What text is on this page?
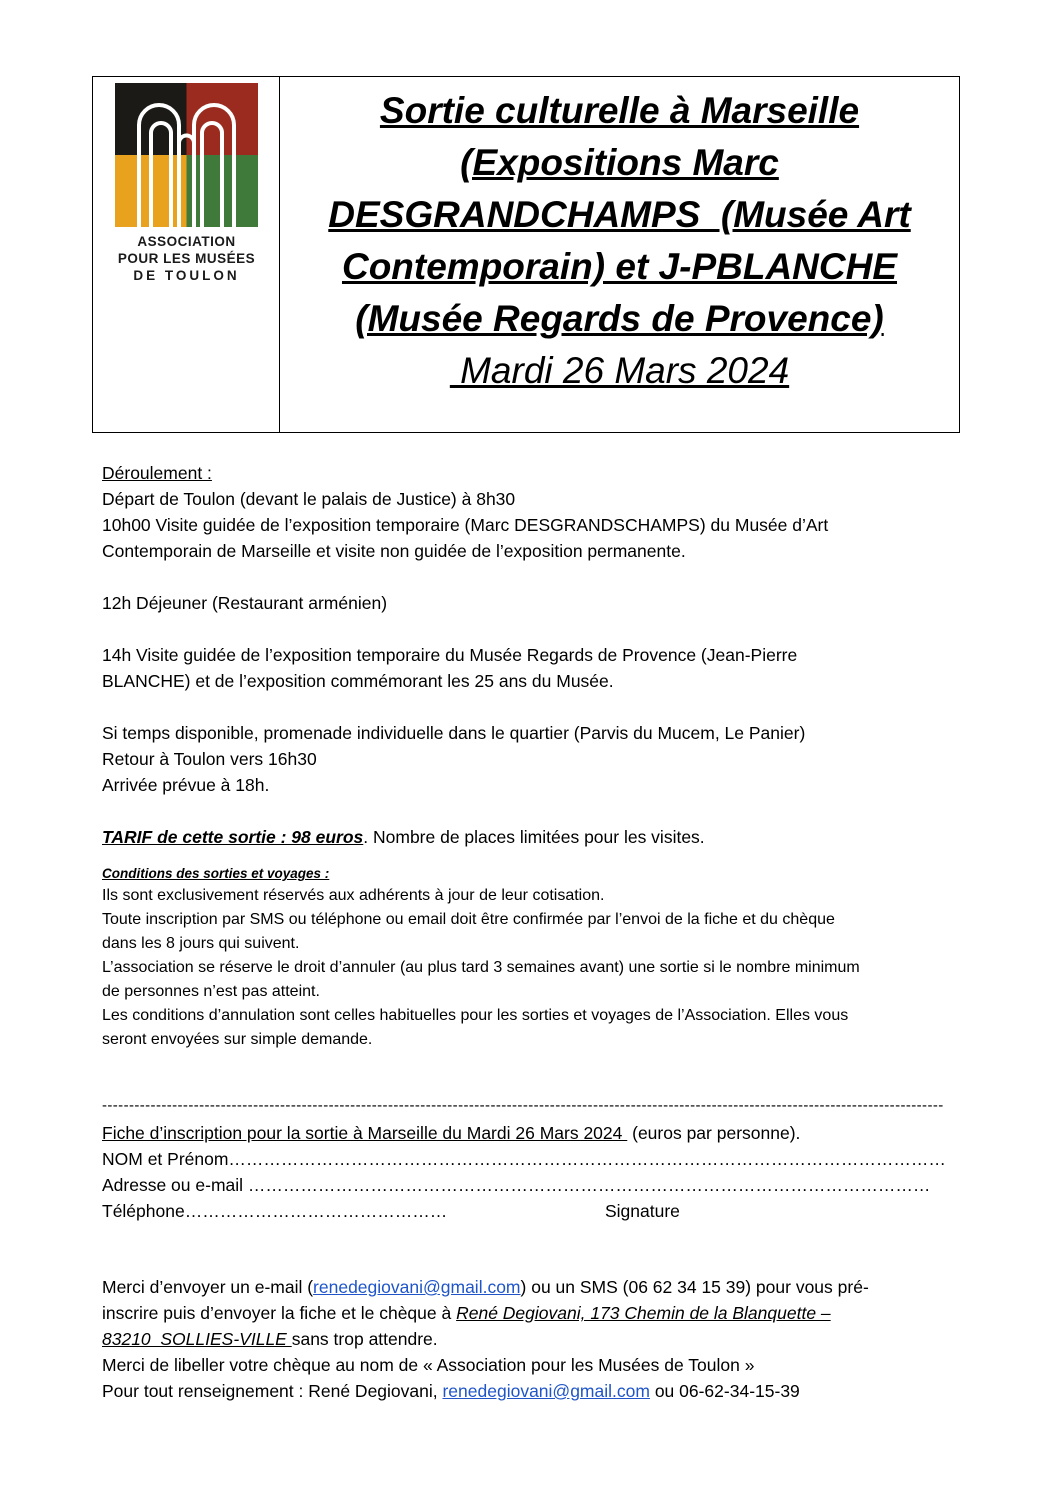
ASSOCIATION
POUR LES MUSÉES
DE TOULON
Sortie culturelle à Marseille
(Expositions Marc
DESGRANDCHAMPS  (Musée Art
Contemporain) et J-PBLANCHE
(Musée Regards de Provence)
Mardi 26 Mars 2024
Déroulement :
Départ de Toulon (devant le palais de Justice) à 8h30
10h00 Visite guidée de l’exposition temporaire (Marc DESGRANDSCHAMPS) du Musée d’Art
Contemporain de Marseille et visite non guidée de l’exposition permanente.
12h Déjeuner (Restaurant arménien)
14h Visite guidée de l’exposition temporaire du Musée Regards de Provence (Jean-Pierre
BLANCHE) et de l’exposition commémorant les 25 ans du Musée.
Si temps disponible, promenade individuelle dans le quartier (Parvis du Mucem, Le Panier)
Retour à Toulon vers 16h30
Arrivée prévue à 18h.
TARIF de cette sortie : 98 euros. Nombre de places limitées pour les visites.
Conditions des sorties et voyages :
Ils sont exclusivement réservés aux adhérents à jour de leur cotisation.
Toute inscription par SMS ou téléphone ou email doit être confirmée par l’envoi de la fiche et du chèque
dans les 8 jours qui suivent.
L’association se réserve le droit d’annuler (au plus tard 3 semaines avant) une sortie si le nombre minimum
de personnes n’est pas atteint.
Les conditions d’annulation sont celles habituelles pour les sorties et voyages de l’Association. Elles vous
seront envoyées sur simple demande.
------------------------------------------------------------------------------------------------------------------------------------------------------------
Fiche d’inscription pour la sortie à Marseille du Mardi 26 Mars 2024  (euros par personne).
NOM et Prénom……………………………………………………………………………………………………………
Adresse ou e-mail ………………………………………………………………………………………………………
Téléphone………………………………………	Signature
Merci d’envoyer un e-mail (renedegiovani@gmail.com) ou un SMS (06 62 34 15 39) pour vous pré-
inscrire puis d’envoyer la fiche et le chèque à René Degiovani, 173 Chemin de la Blanquette –
83210  SOLLIES-VILLE sans trop attendre.
Merci de libeller votre chèque au nom de « Association pour les Musées de Toulon »
Pour tout renseignement : René Degiovani, renedegiovani@gmail.com ou 06-62-34-15-39
